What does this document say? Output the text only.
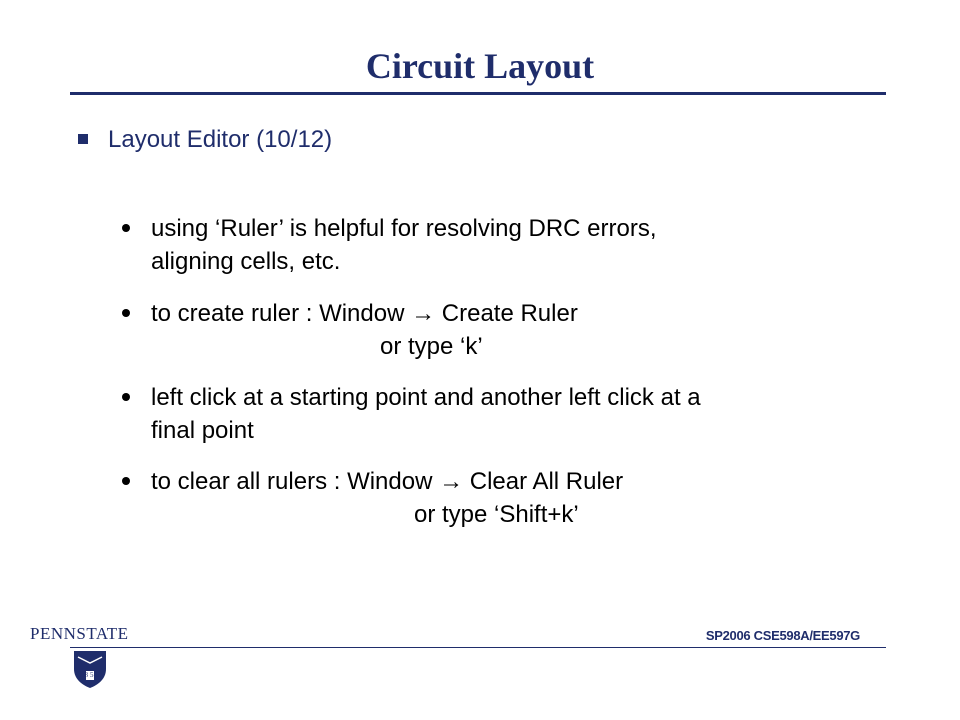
Circuit Layout
Layout Editor (10/12)
using ‘Ruler’ is helpful for resolving DRC errors,
aligning cells, etc.
to create ruler : Window → Create Ruler
or type ‘k’
left click at a starting point and another left click at a
final point
to clear all rulers : Window → Clear All Ruler
or type ‘Shift+k’
PENNSTATE
1855
SP2006 CSE598A/EE597G
